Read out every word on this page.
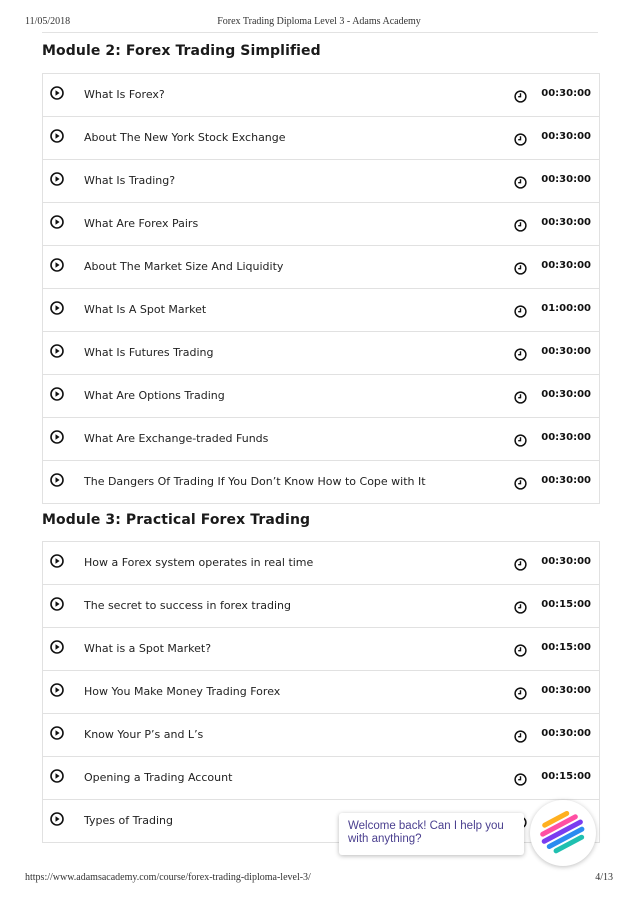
11/05/2018	Forex Trading Diploma Level 3 - Adams Academy
Module 2: Forex Trading Simplified
What Is Forex?	00:30:00
About The New York Stock Exchange	00:30:00
What Is Trading?	00:30:00
What Are Forex Pairs	00:30:00
About The Market Size And Liquidity	00:30:00
What Is A Spot Market	01:00:00
What Is Futures Trading	00:30:00
What Are Options Trading	00:30:00
What Are Exchange-traded Funds	00:30:00
The Dangers Of Trading If You Don’t Know How to Cope with It	00:30:00
Module 3: Practical Forex Trading
How a Forex system operates in real time	00:30:00
The secret to success in forex trading	00:15:00
What is a Spot Market?	00:15:00
How You Make Money Trading Forex	00:30:00
Know Your P’s and L’s	00:30:00
Opening a Trading Account	00:15:00
Types of Trading	Welcome back! Can I help you with anything?
https://www.adamsacademy.com/course/forex-trading-diploma-level-3/	4/13
